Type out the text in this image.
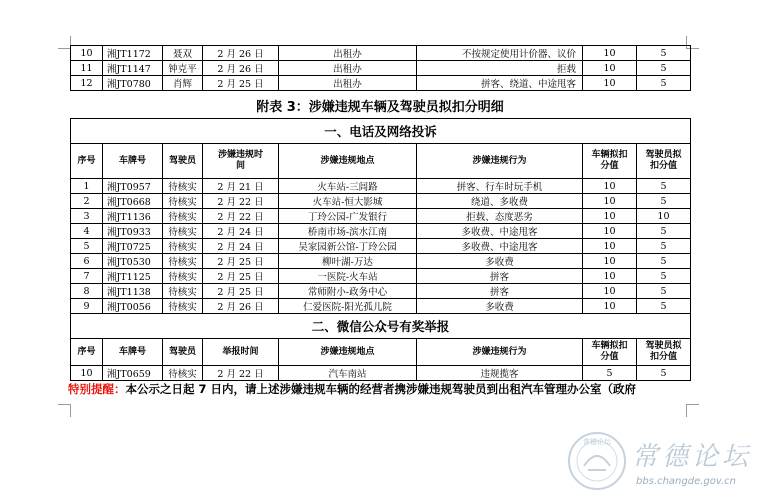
10	湘JT1172	聂双	2 月 26 日	出租办	不按规定使用计价器、议价	10	5
11	湘JT1147	钟克平	2 月 26 日	出租办	拒载	10	5
12	湘JT0780	肖辉	2 月 25 日	出租办	拼客、绕道、中途甩客	10	5
附表 3：涉嫌违规车辆及驾驶员拟扣分明细
一、电话及网络投诉							
序号	车牌号	驾驶员	涉嫌违规时间	涉嫌违规地点	涉嫌违规行为	车辆拟扣分值	驾驶员拟扣分值
1	湘JT0957	待核实	2 月 21 日	火车站-三闾路	拼客、行车时玩手机	10	5
2	湘JT0668	待核实	2 月 22 日	火车站-恒大影城	绕道、多收费	10	5
3	湘JT1136	待核实	2 月 22 日	丁玲公园-广发银行	拒载、态度恶劣	10	10
4	湘JT0933	待核实	2 月 24 日	桥南市场-滨水江南	多收费、中途甩客	10	5
5	湘JT0725	待核实	2 月 24 日	吴家园新公馆-丁玲公园	多收费、中途甩客	10	5
6	湘JT0530	待核实	2 月 25 日	柳叶湖-万达	多收费	10	5
7	湘JT1125	待核实	2 月 25 日	一医院-火车站	拼客	10	5
8	湘JT1138	待核实	2 月 25 日	常师附小-政务中心	拼客	10	5
9	湘JT0056	待核实	2 月 26 日	仁爱医院-阳光孤儿院	多收费	10	5
二、微信公众号有奖举报							
序号	车牌号	驾驶员	举报时间	涉嫌违规地点	涉嫌违规行为	车辆拟扣分值	驾驶员拟扣分值
10	湘JT0659	待核实	2 月 22 日	汽车南站	违规揽客	5	5
特别提醒：本公示之日起 7 日内，请上述涉嫌违规车辆的经营者携涉嫌违规驾驶员到出租汽车管理办公室（政府
常德论坛 常德论坛
bbs.changde.gov.cn
